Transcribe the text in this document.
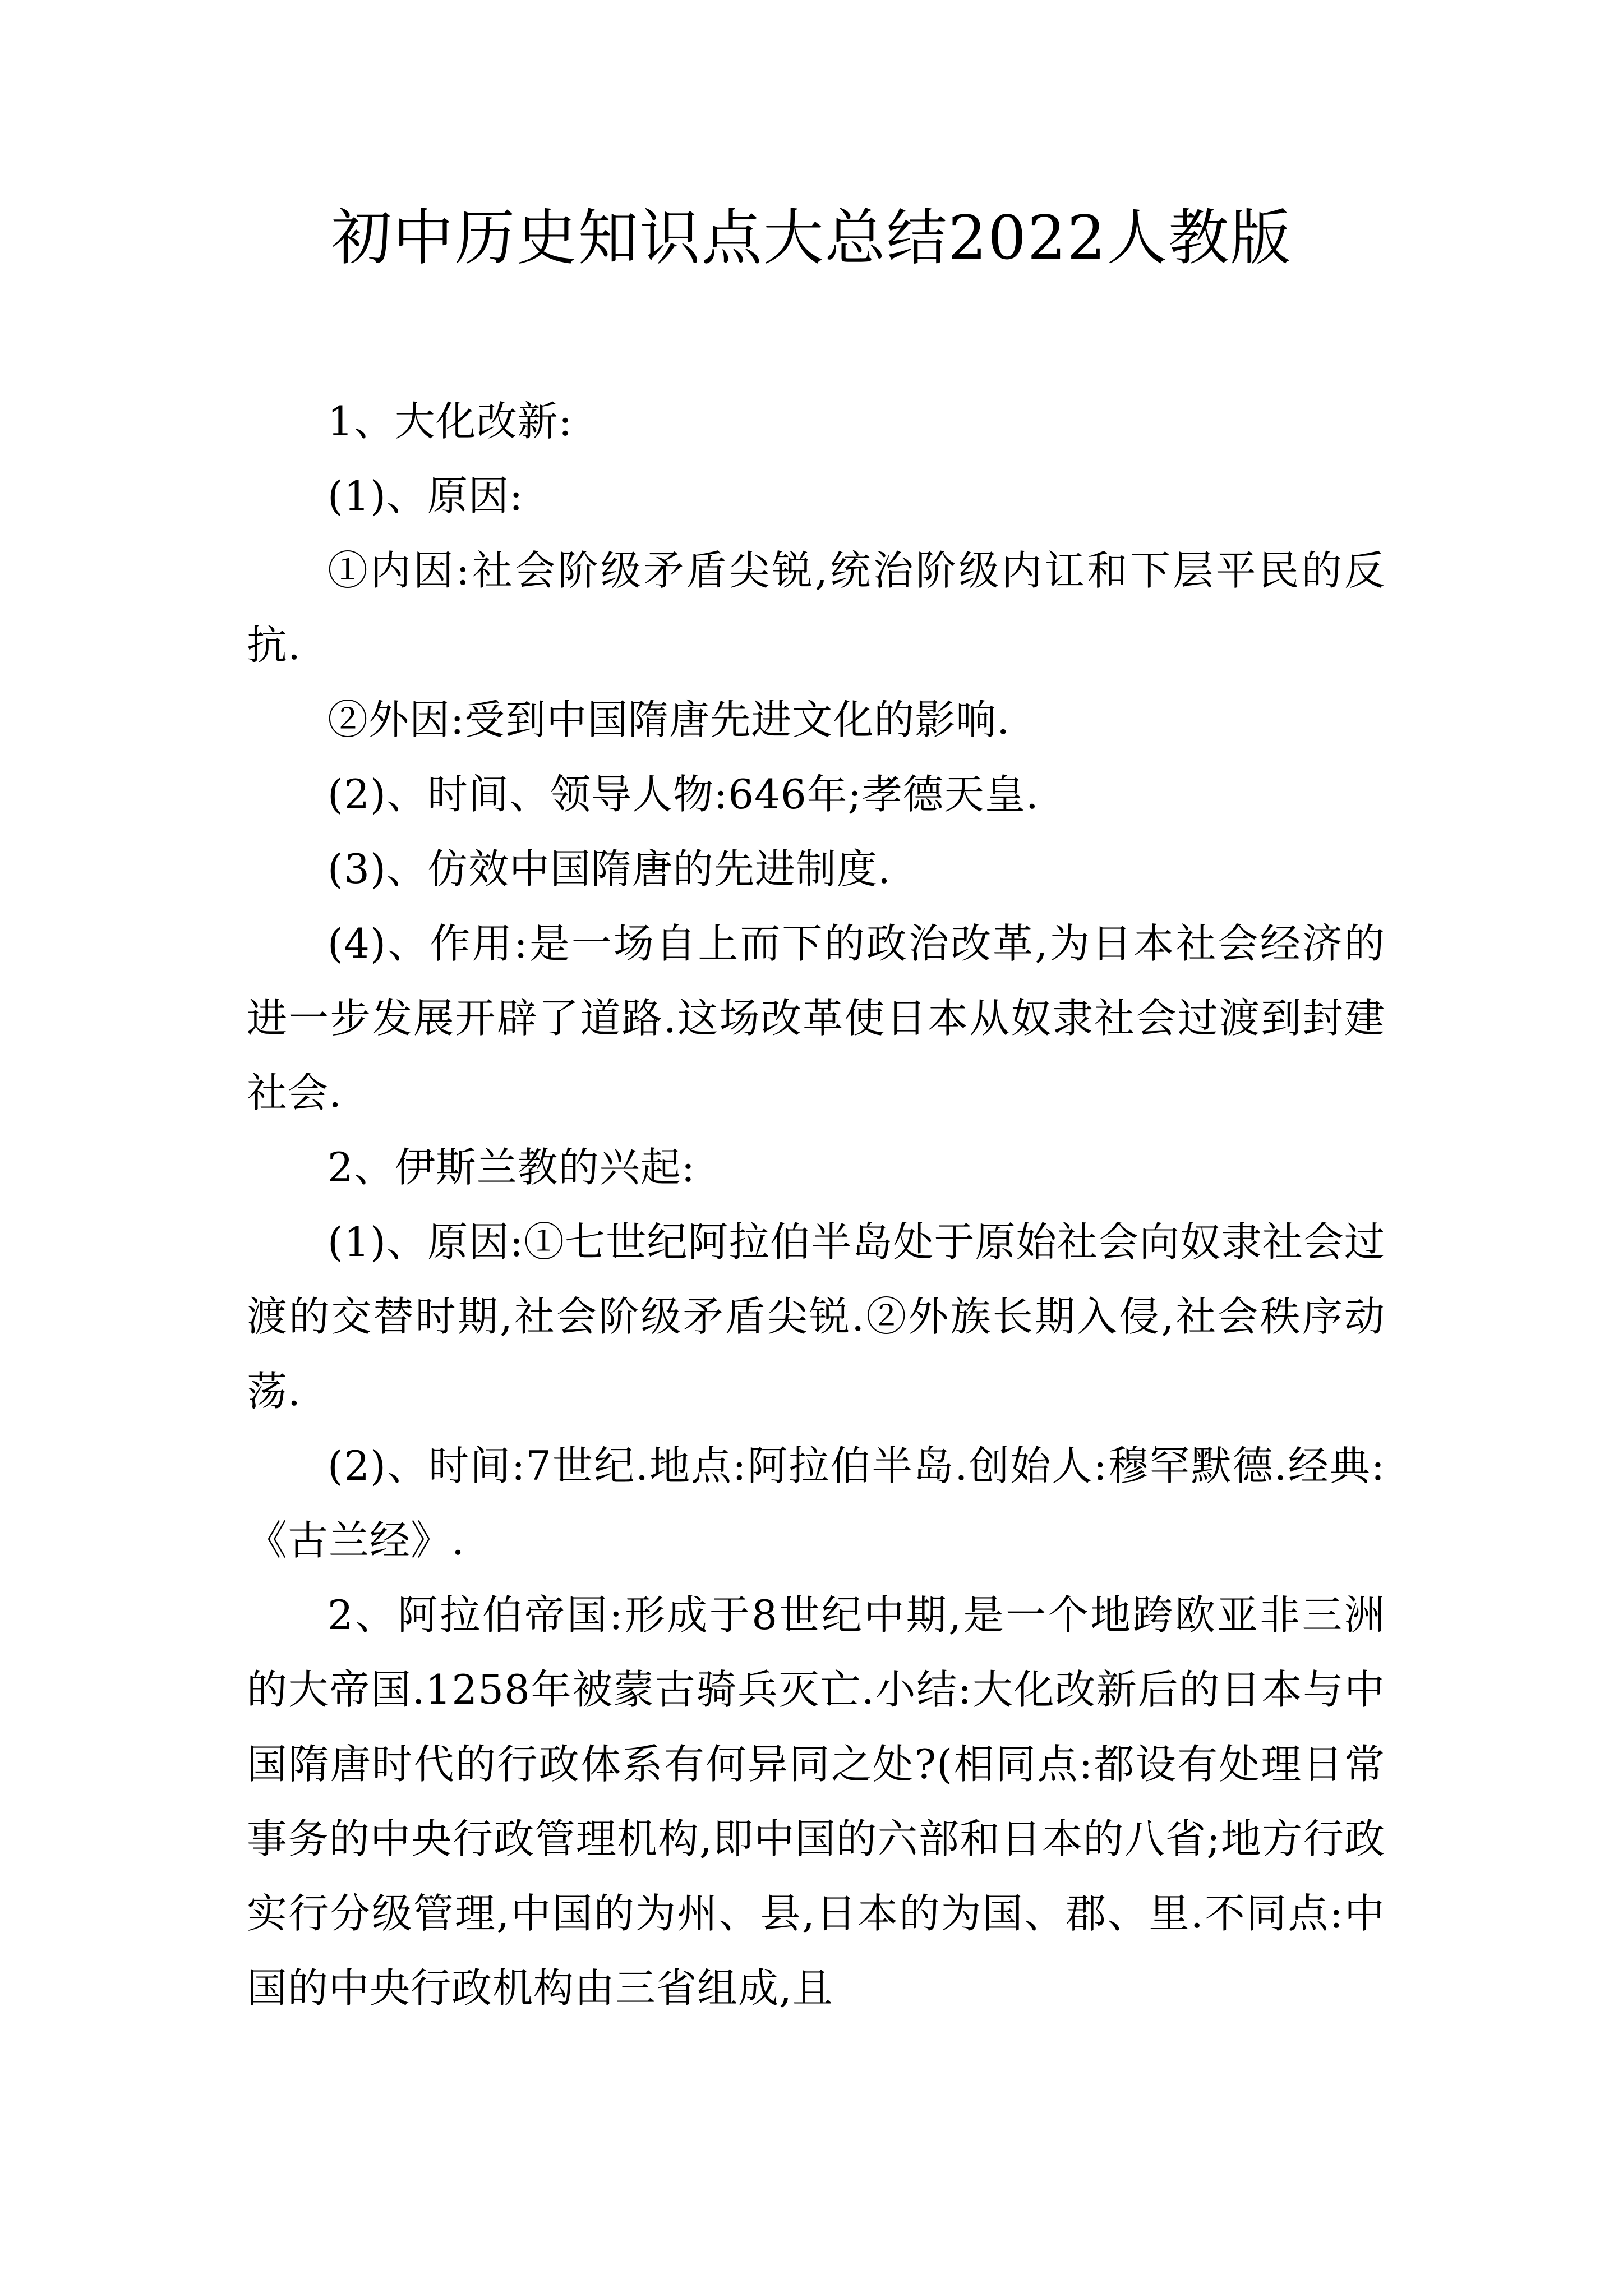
初中历史知识点大总结2022人教版

1、大化改新:

(1)、原因:

①内因:社会阶级矛盾尖锐,统治阶级内讧和下层平民的反抗.

②外因:受到中国隋唐先进文化的影响.

(2)、时间、领导人物:646年;孝德天皇.

(3)、仿效中国隋唐的先进制度.

(4)、作用:是一场自上而下的政治改革,为日本社会经济的进一步发展开辟了道路.这场改革使日本从奴隶社会过渡到封建社会.

2、伊斯兰教的兴起:

(1)、原因:①七世纪阿拉伯半岛处于原始社会向奴隶社会过渡的交替时期,社会阶级矛盾尖锐.②外族长期入侵,社会秩序动荡.

(2)、时间:7世纪.地点:阿拉伯半岛.创始人:穆罕默德.经典:《古兰经》.

2、阿拉伯帝国:形成于8世纪中期,是一个地跨欧亚非三洲的大帝国.1258年被蒙古骑兵灭亡.小结:大化改新后的日本与中国隋唐时代的行政体系有何异同之处?(相同点:都设有处理日常事务的中央行政管理机构,即中国的六部和日本的八省;地方行政实行分级管理,中国的为州、县,日本的为国、郡、里.不同点:中国的中央行政机构由三省组成,且
